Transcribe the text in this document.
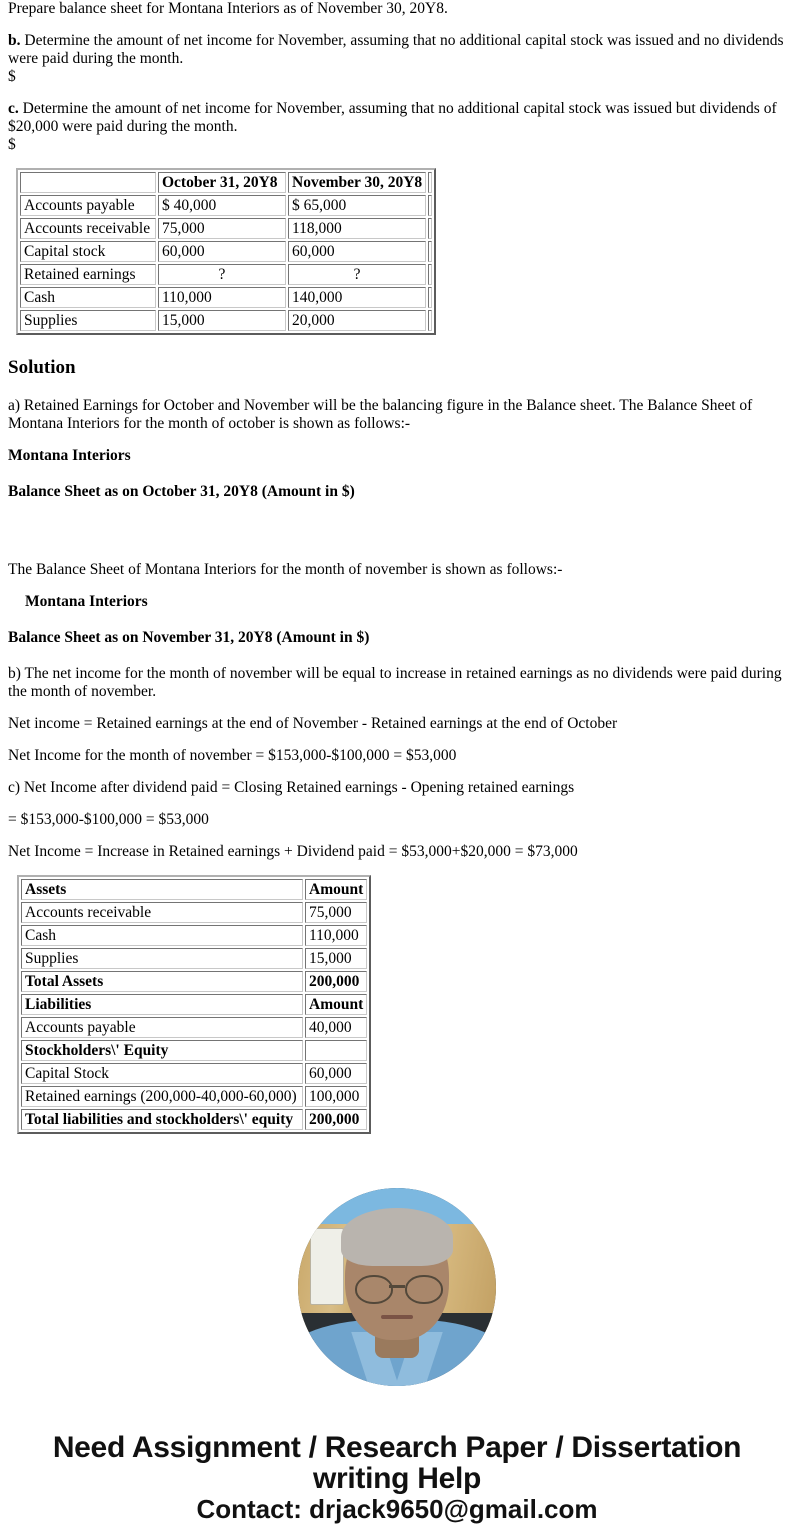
Prepare balance sheet for Montana Interiors as of November 30, 20Y8.

b. Determine the amount of net income for November, assuming that no additional capital stock was issued and no dividends were paid during the month.

$

c. Determine the amount of net income for November, assuming that no additional capital stock was issued but dividends of $20,000 were paid during the month.

$

	October 31, 20Y8	November 30, 20Y8	
Accounts payable	$ 40,000	$ 65,000	
Accounts receivable	75,000	118,000	
Capital stock	60,000	60,000	
Retained earnings	?	?	
Cash	110,000	140,000	
Supplies	15,000	20,000	
Solution

a) Retained Earnings for October and November will be the balancing figure in the Balance sheet. The Balance Sheet of Montana Interiors for the month of october is shown as follows:-

Montana Interiors

Balance Sheet as on October 31, 20Y8 (Amount in $)

The Balance Sheet of Montana Interiors for the month of november is shown as follows:-

Montana Interiors

Balance Sheet as on November 31, 20Y8 (Amount in $)

b) The net income for the month of november will be equal to increase in retained earnings as no dividends were paid during the month of november.

Net income = Retained earnings at the end of November - Retained earnings at the end of October

Net Income for the month of november = $153,000-$100,000 = $53,000

c) Net Income after dividend paid = Closing Retained earnings - Opening retained earnings

= $153,000-$100,000 = $53,000

Net Income = Increase in Retained earnings + Dividend paid = $53,000+$20,000 = $73,000

Assets	Amount
Accounts receivable	75,000
Cash	110,000
Supplies	15,000
Total Assets	200,000
Liabilities	Amount
Accounts payable	40,000
Stockholders\' Equity	
Capital Stock	60,000
Retained earnings (200,000-40,000-60,000)	100,000
Total liabilities and stockholders\' equity	200,000
Need Assignment / Research Paper / Dissertation
writing Help
Contact: drjack9650@gmail.com
